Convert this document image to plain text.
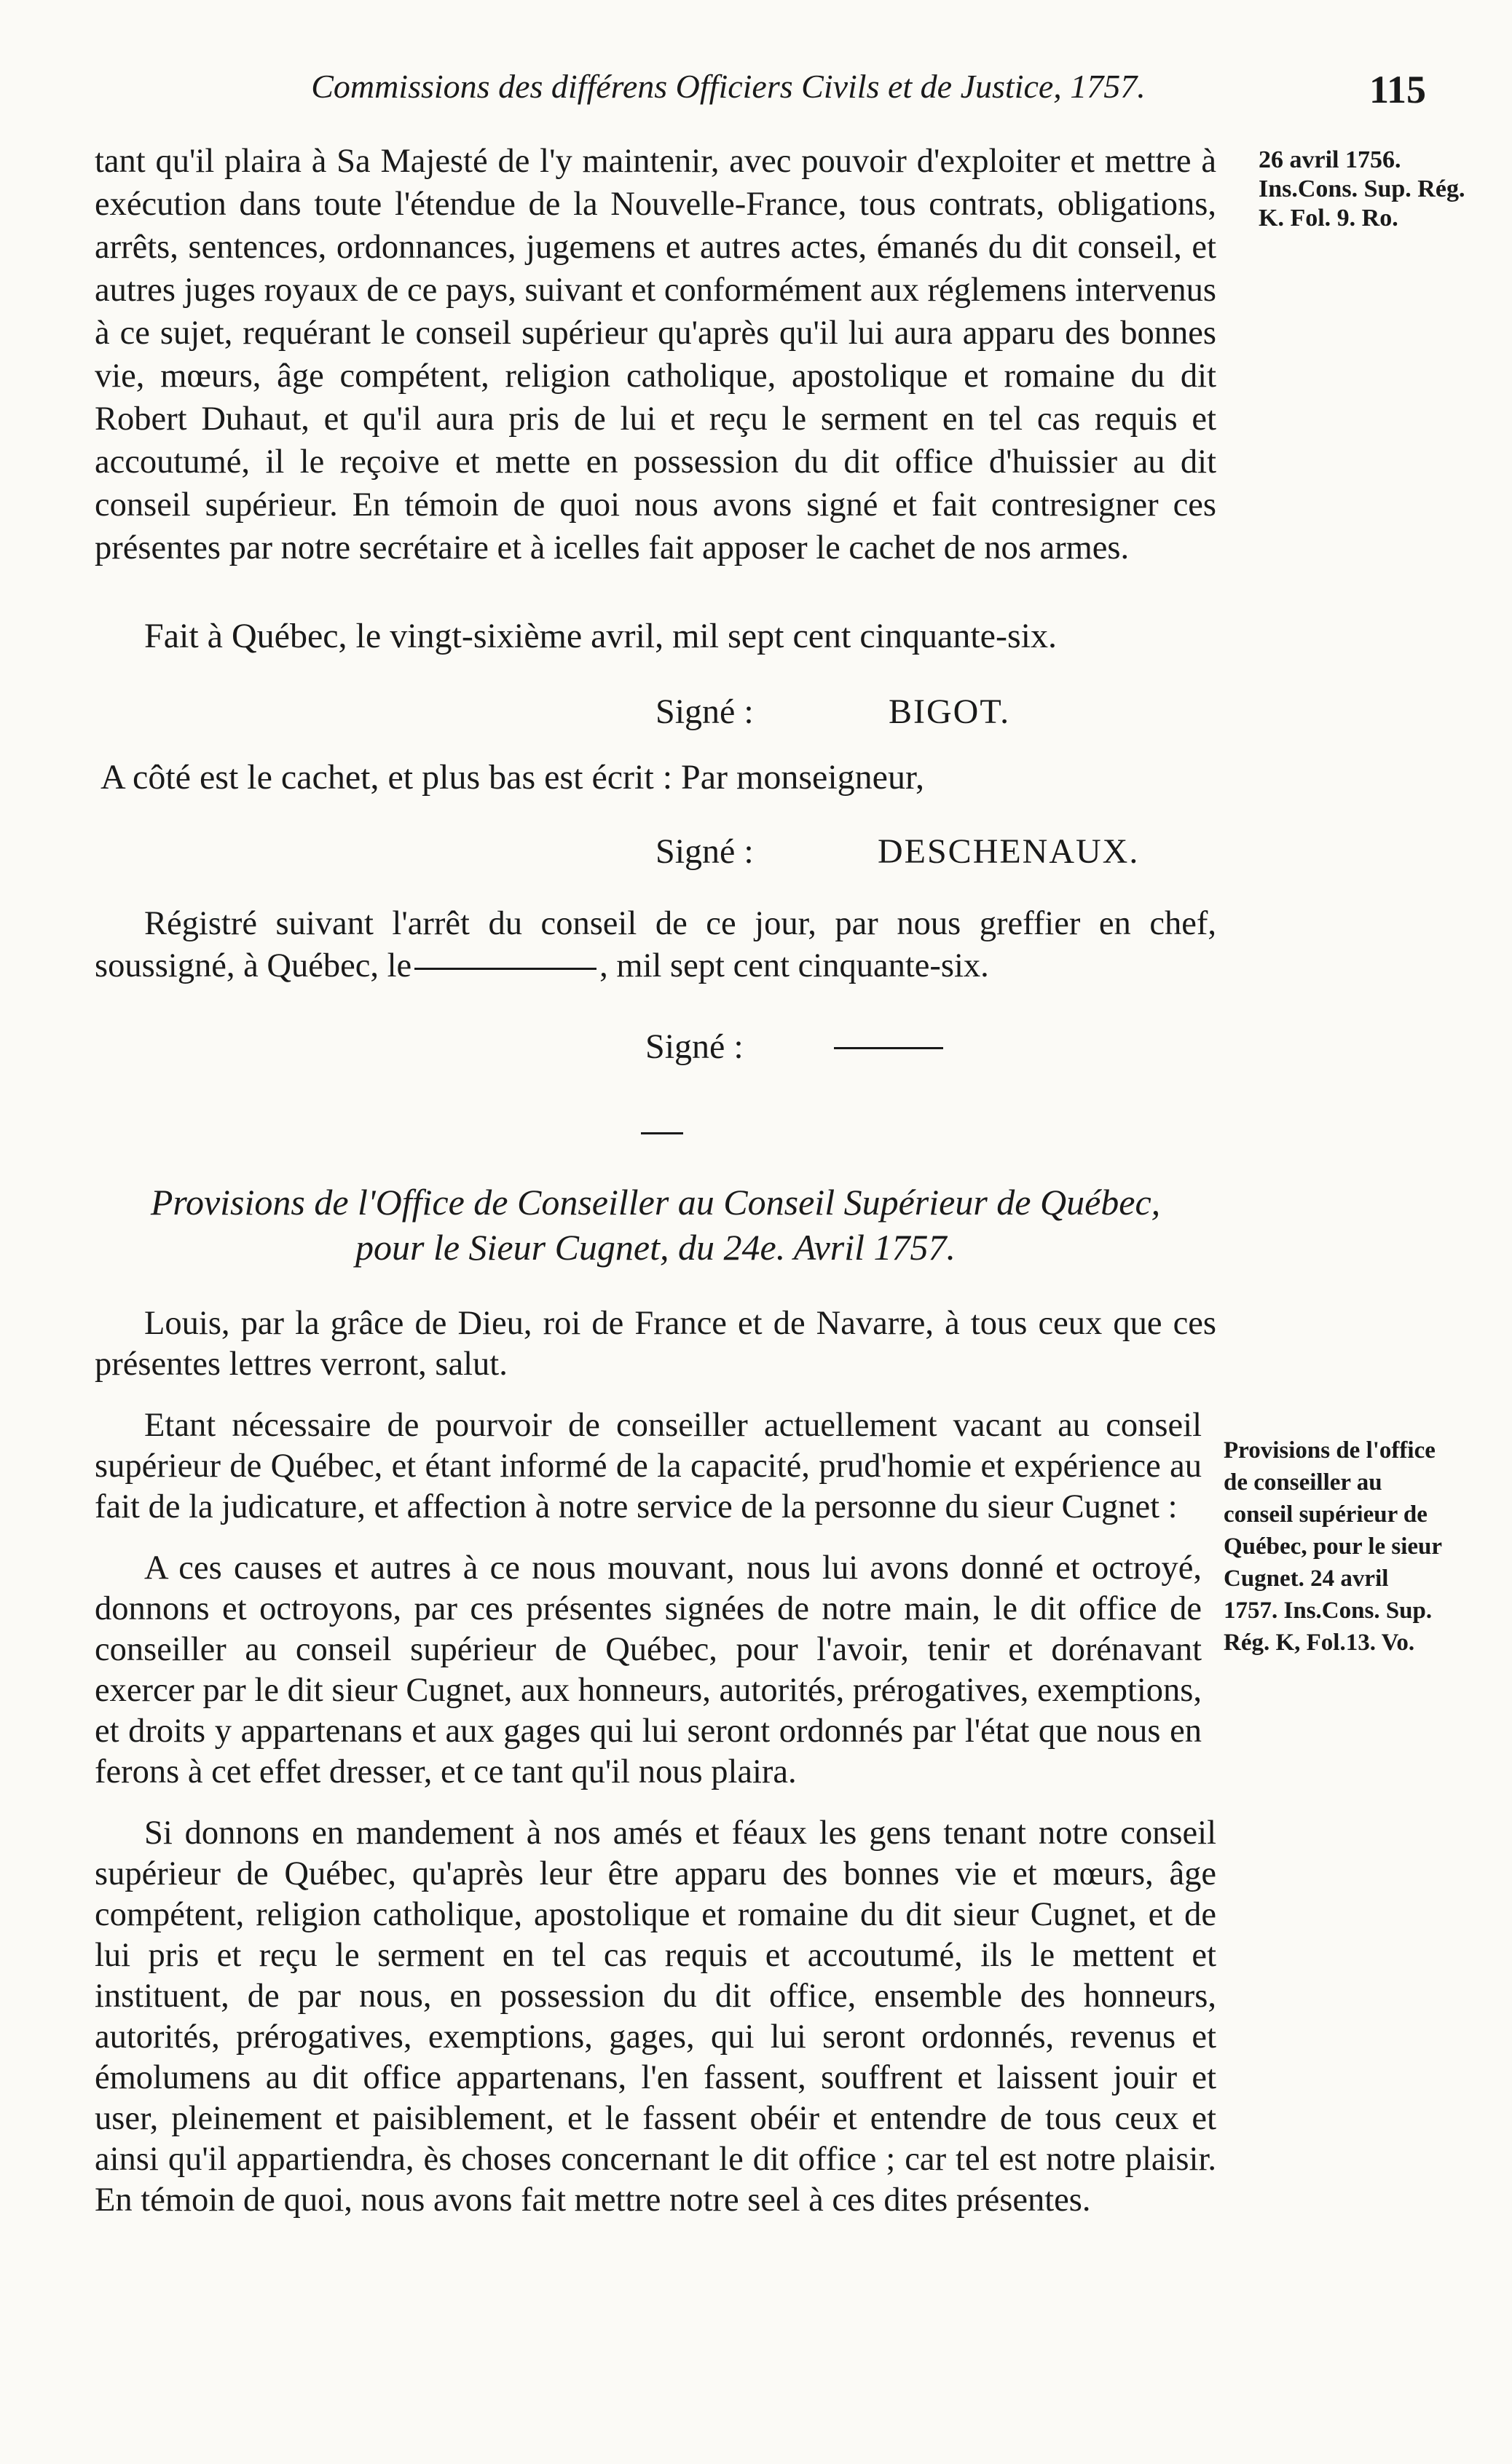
Commissions des différens Officiers Civils et de Justice, 1757.	115

tant qu'il plaira à Sa Majesté de l'y maintenir, avec pouvoir d'exploiter et mettre à exécution dans toute l'étendue de la Nouvelle-France, tous contrats, obligations, arrêts, sentences, ordonnances, jugemens et autres actes, émanés du dit conseil, et autres juges royaux de ce pays, suivant et conformément aux réglemens intervenus à ce sujet, requérant le conseil supérieur qu'après qu'il lui aura apparu des bonnes vie, mœurs, âge compétent, religion catholique, apostolique et romaine du dit Robert Duhaut, et qu'il aura pris de lui et reçu le serment en tel cas requis et accoutumé, il le reçoive et mette en possession du dit office d'huissier au dit conseil supérieur. En témoin de quoi nous avons signé et fait contresigner ces présentes par notre secrétaire et à icelles fait apposer le cachet de nos armes.

26 avril 1756. Ins.Cons. Sup. Rég. K. Fol. 9. Ro.
Fait à Québec, le vingt-sixième avril, mil sept cent cinquante-six.
Signé :	BIGOT.
A côté est le cachet, et plus bas est écrit : Par monseigneur,
Signé :	DESCHENAUX.

Régistré suivant l'arrêt du conseil de ce jour, par nous greffier en chef, soussigné, à Québec, le	, mil sept cent cinquante-six.

Signé :
Provisions de l'Office de Conseiller au Conseil Supérieur de Québec,
pour le Sieur Cugnet, du 24e. Avril 1757.

Louis, par la grâce de Dieu, roi de France et de Navarre, à tous ceux que ces présentes lettres verront, salut.

Etant nécessaire de pourvoir de conseiller actuellement vacant au conseil supérieur de Québec, et étant informé de la capacité, prud'homie et expérience au fait de la judicature, et affection à notre service de la personne du sieur Cugnet :

A ces causes et autres à ce nous mouvant, nous lui avons donné et octroyé, donnons et octroyons, par ces présentes signées de notre main, le dit office de conseiller au conseil supérieur de Québec, pour l'avoir, tenir et dorénavant exercer par le dit sieur Cugnet, aux honneurs, autorités, prérogatives, exemptions, et droits y appartenans et aux gages qui lui seront ordonnés par l'état que nous en ferons à cet effet dresser, et ce tant qu'il nous plaira.

Si donnons en mandement à nos amés et féaux les gens tenant notre conseil supérieur de Québec, qu'après leur être apparu des bonnes vie et mœurs, âge compétent, religion catholique, apostolique et romaine du dit sieur Cugnet, et de lui pris et reçu le serment en tel cas requis et accoutumé, ils le mettent et instituent, de par nous, en possession du dit office, ensemble des honneurs, autorités, prérogatives, exemptions, gages, qui lui seront ordonnés, revenus et émolumens au dit office appartenans, l'en fassent, souffrent et laissent jouir et user, pleinement et paisiblement, et le fassent obéir et entendre de tous ceux et ainsi qu'il appartiendra, ès choses concernant le dit office ; car tel est notre plaisir. En témoin de quoi, nous avons fait mettre notre seel à ces dites présentes.

Provisions de l'office de conseiller au conseil supérieur de Québec, pour le sieur Cugnet. 24 avril 1757. Ins.Cons. Sup. Rég. K, Fol.13. Vo.
